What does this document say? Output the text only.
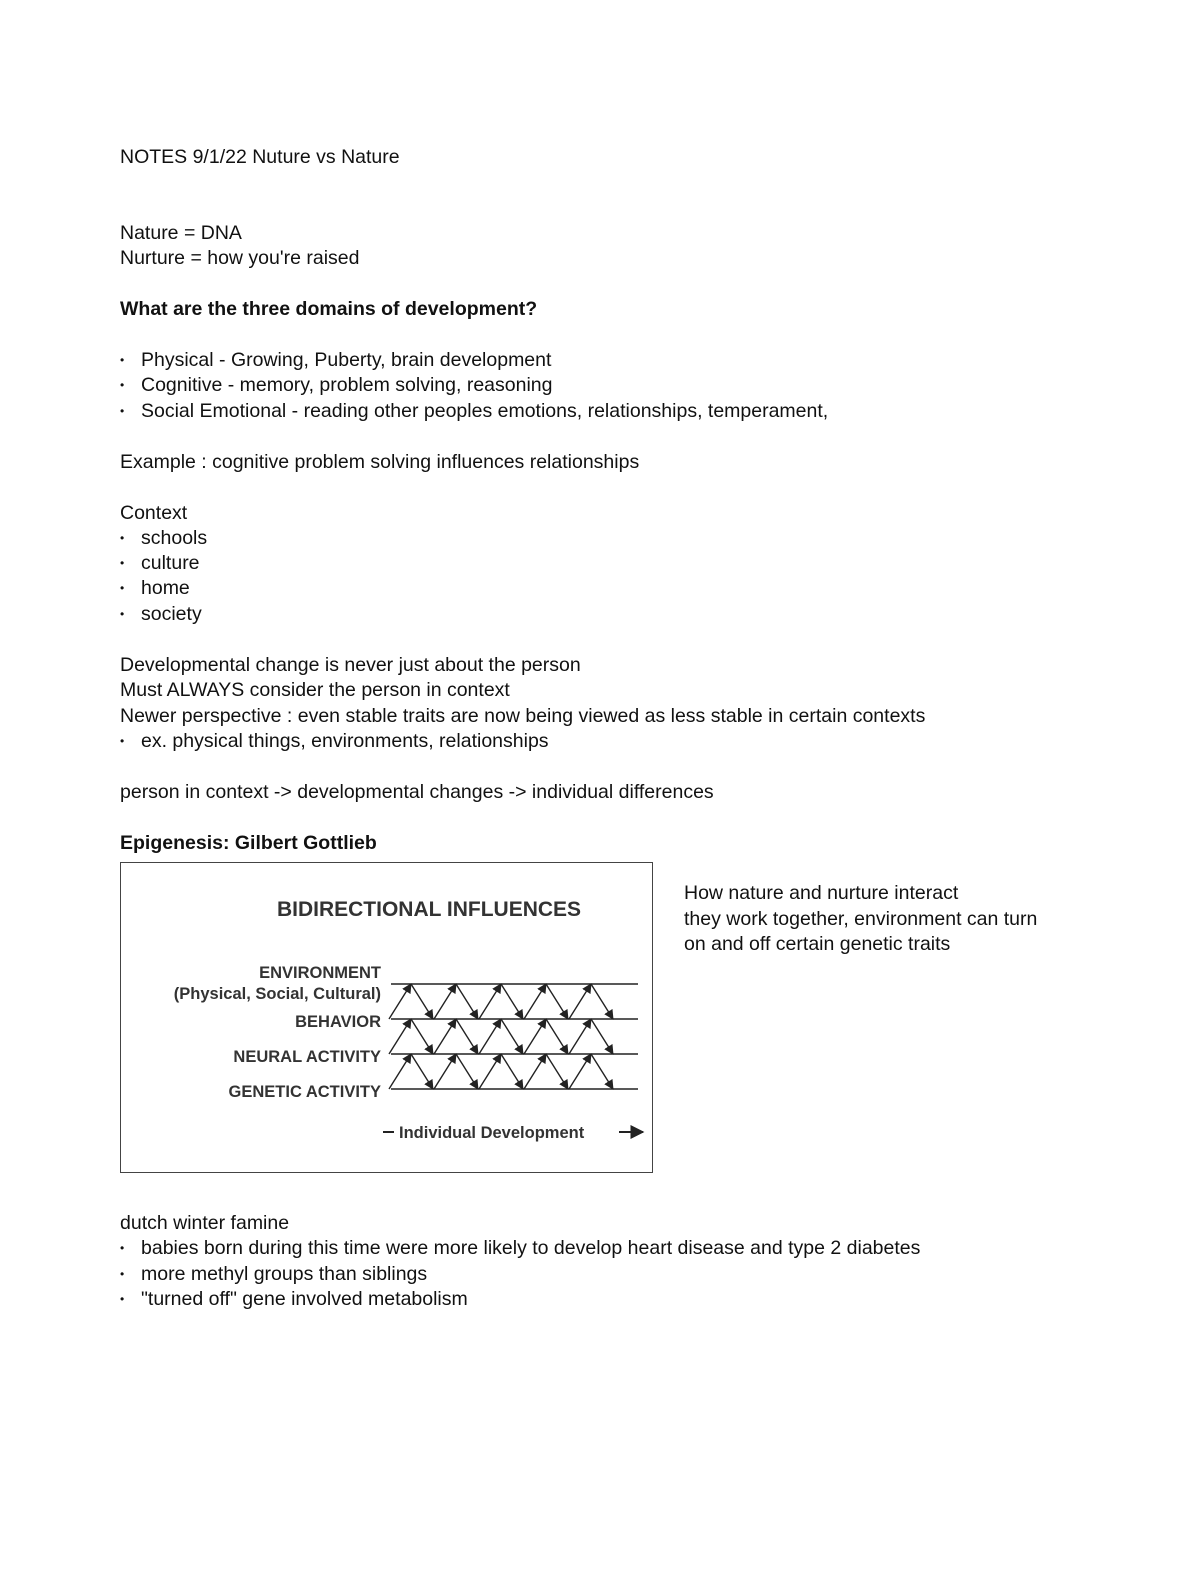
NOTES 9/1/22 Nuture vs Nature
Nature = DNA
Nurture = how you're raised
What are the three domains of development?
• Physical - Growing, Puberty, brain development
• Cognitive - memory, problem solving, reasoning
• Social Emotional - reading other peoples emotions, relationships, temperament,
Example : cognitive problem solving influences relationships
Context
• schools
• culture
• home
• society
Developmental change is never just about the person
Must ALWAYS consider the person in context
Newer perspective : even stable traits are now being viewed as less stable in certain contexts
• ex. physical things, environments, relationships
person in context -> developmental changes -> individual differences
Epigenesis: Gilbert Gottlieb
dutch winter famine
• babies born during this time were more likely to develop heart disease and type 2 diabetes
• more methyl groups than siblings
• "turned off" gene involved metabolism
BIDIRECTIONAL INFLUENCES
ENVIRONMENT
(Physical, Social, Cultural)
BEHAVIOR
NEURAL ACTIVITY
GENETIC ACTIVITY
Individual Development
How nature and nurture interact
they work together, environment can turn
on and off certain genetic traits
